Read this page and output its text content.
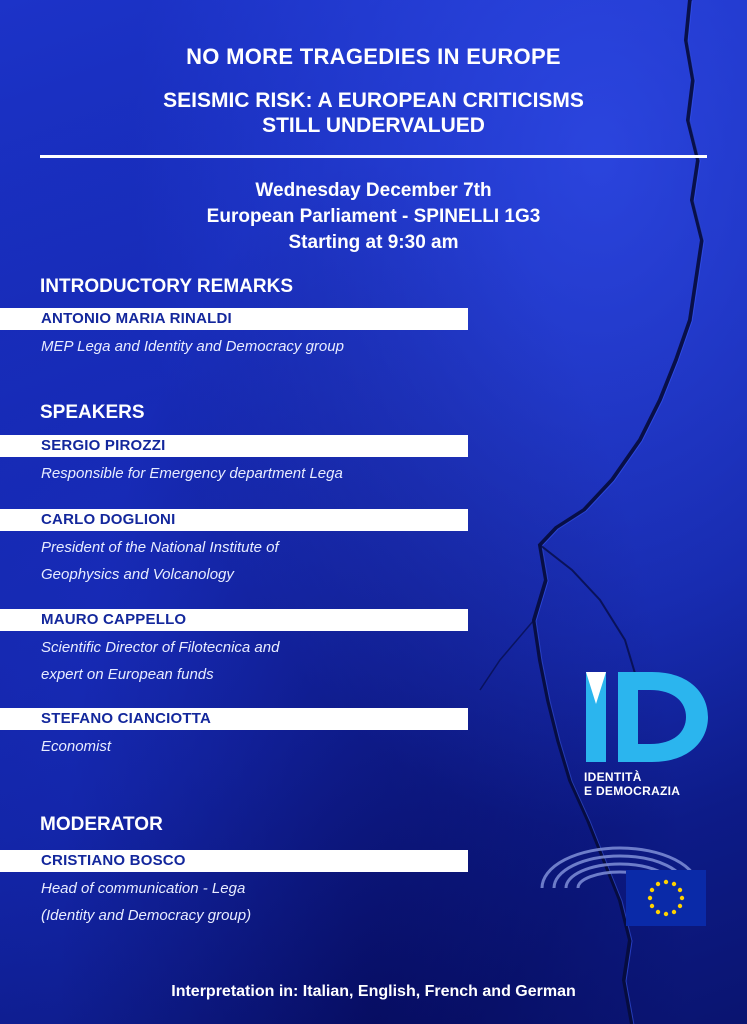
NO MORE TRAGEDIES IN EUROPE
SEISMIC RISK: A EUROPEAN CRITICISMS
STILL UNDERVALUED
Wednesday December 7th
European Parliament - SPINELLI 1G3
Starting at 9:30 am
INTRODUCTORY REMARKS
ANTONIO MARIA RINALDI
MEP Lega and Identity and Democracy group
SPEAKERS
SERGIO PIROZZI
Responsible for Emergency department Lega
CARLO DOGLIONI
President of the National Institute of
Geophysics and Volcanology
MAURO CAPPELLO
Scientific Director of Filotecnica and
expert on European funds
STEFANO CIANCIOTTA
Economist
MODERATOR
CRISTIANO BOSCO
Head of communication - Lega
(Identity and Democracy group)
IDENTITÀ
E DEMOCRAZIA
Interpretation in: Italian, English, French and German
